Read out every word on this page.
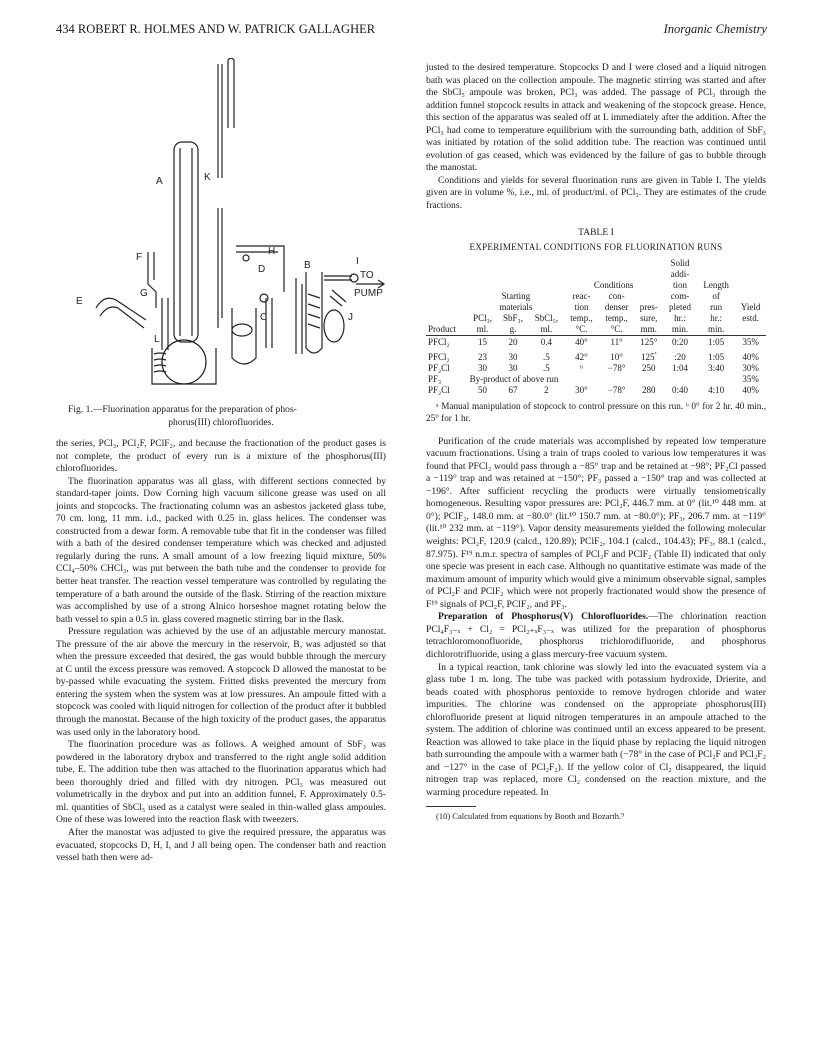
434 ROBERT R. HOLMES AND W. PATRICK GALLAGHER	Inorganic Chemistry
A
B
C
D
E
F
G
H
I
J
K
L
TO
PUMP
Fig. 1.—Fluorination apparatus for the preparation of phos-
phorus(III) chlorofluorides.

the series, PCl₃, PCl₂F, PClF₂, and because the fractionation of the product gases is not complete, the product of every run is a mixture of the phosphorus(III) chlorofluorides.

The fluorination apparatus was all glass, with different sections connected by standard-taper joints. Dow Corning high vacuum silicone grease was used on all joints and stopcocks. The fractionating column was an asbestos jacketed glass tube, 70 cm. long, 11 mm. i.d., packed with 0.25 in. glass helices. The condenser was constructed from a dewar form. A removable tube that fit in the condenser was filled with a bath of the desired condenser temperature which was checked and adjusted regularly during the runs. A small amount of a low freezing liquid mixture, 50% CCl₄–50% CHCl₃, was put between the bath tube and the condenser to provide for better heat transfer. The reaction vessel temperature was controlled by regulating the temperature of a bath around the outside of the flask. Stirring of the reaction mixture was accomplished by use of a strong Alnico horseshoe magnet rotating below the bath vessel to spin a 0.5 in. glass covered magnetic stirring bar in the flask.

Pressure regulation was achieved by the use of an adjustable mercury manostat. The pressure of the air above the mercury in the reservoir, B, was adjusted so that when the pressure exceeded that desired, the gas would bubble through the mercury at C until the excess pressure was removed. A stopcock D allowed the manostat to be by-passed while evacuating the system. Fritted disks prevented the mercury from entering the system when the system was at low pressures. An ampoule fitted with a stopcock was cooled with liquid nitrogen for collection of the product after it bubbled through the manostat. Because of the high toxicity of the product gases, the apparatus was used only in the laboratory hood.

The fluorination procedure was as follows. A weighed amount of SbF₃ was powdered in the laboratory drybox and transferred to the right angle solid addition tube, E. The addition tube then was attached to the fluorination apparatus which had been thoroughly dried and filled with dry nitrogen. PCl₃ was measured out volumetrically in the drybox and put into an addition funnel, F. Approximately 0.5-ml. quantities of SbCl₅ used as a catalyst were sealed in thin-walled glass ampoules. One of these was lowered into the reaction flask with tweezers.

After the manostat was adjusted to give the required pressure, the apparatus was evacuated, stopcocks D, H, I, and J all being open. The condenser bath and reaction vessel bath then were ad-

justed to the desired temperature. Stopcocks D and I were closed and a liquid nitrogen bath was placed on the collection ampoule. The magnetic stirring was started and after the SbCl₅ ampoule was broken, PCl₃ was added. The passage of PCl₃ through the addition funnel stopcock results in attack and weakening of the stopcock grease. Hence, this section of the apparatus was sealed off at L immediately after the addition. After the PCl₃ had come to temperature equilibrium with the surrounding bath, addition of SbF₃ was initiated by rotation of the solid addition tube. The reaction was continued until evolution of gas ceased, which was evidenced by the failure of gas to bubble through the manostat.

Conditions and yields for several fluorination runs are given in Table I. The yields given are in volume %, i.e., ml. of product/ml. of PCl₃. They are estimates of the crude fractions.

TABLE I
EXPERIMENTAL CONDITIONS FOR FLUORINATION RUNS
							Solid		
							addi-		
				Conditions			tion	Length	
	Starting			reac-	con-		com-	of	
	materials			tion	denser	pres-	pleted	run	Yield
	PCl₃,	SbF₃,	SbCl₅,	temp.,	temp.,	sure,	hr.:	hr.:	estd.
Product	ml.	g.	ml.	°C.	°C.	mm.	min.	min.	

PFCl₂	15	20	0.4	40°	11°	125°	0:20	1:05	35%
PFCl₂	23	30	.5	42°	10°	$125^ᵃ$	:20	1:05	40%
PF₂Cl	30	30	.5	ᵇ	−78°	250	1:04	3:40	30%
PF₃	By-product of above run								35%
PF₂Cl	50	67	2	30°	−78°	280	0:40	4:10	40%
ᵃ Manual manipulation of stopcock to control pressure on this run. ᵇ 0° for 2 hr. 40 min., 25° for 1 hr.

Purification of the crude materials was accomplished by repeated low temperature vacuum fractionations. Using a train of traps cooled to various low temperatures it was found that PFCl₂ would pass through a −85° trap and be retained at −98°; PF₂Cl passed a −119° trap and was retained at −150°; PF₃ passed a −150° trap and was collected at −196°. After sufficient recycling the products were virtually tensiometrically homogeneous. Resulting vapor pressures are: PCl₂F, 446.7 mm. at 0° (lit.¹⁰ 448 mm. at 0°); PClF₂, 148.0 mm. at −80.0° (lit.¹⁰ 150.7 mm. at −80.0°); PF₃, 206.7 mm. at −119° (lit.¹⁰ 232 mm. at −119°). Vapor density measurements yielded the following molecular weights: PCl₂F, 120.9 (calcd., 120.89); PClF₂, 104.1 (calcd., 104.43); PF₃, 88.1 (calcd., 87.975). F¹⁹ n.m.r. spectra of samples of PCl₂F and PClF₂ (Table II) indicated that only one specie was present in each case. Although no quantitative estimate was made of the maximum amount of impurity which would give a minimum observable signal, samples of PCl₂F and PClF₂ which were not properly fractionated would show the presence of F¹⁹ signals of PCl₂F, PClF₂, and PF₃.

Preparation of Phosphorus(V) Chlorofluorides.—The chlorination reaction PCl₄F₃₋ₓ + Cl₂ = PCl₂₊ₓF₃₋ₓ was utilized for the preparation of phosphorus tetrachloromonofluoride, phosphorus trichlorodifluoride, and phosphorus dichlorotrifluoride, using a glass mercury-free vacuum system.

In a typical reaction, tank chlorine was slowly led into the evacuated system via a glass tube 1 m. long. The tube was packed with potassium hydroxide, Drierite, and beads coated with phosphorus pentoxide to remove hydrogen chloride and water impurities. The chlorine was condensed on the appropriate phosphorus(III) chlorofluoride present at liquid nitrogen temperatures in an ampoule attached to the system. The addition of chlorine was continued until an excess appeared to be present. Reaction was allowed to take place in the liquid phase by replacing the liquid nitrogen bath surrounding the ampoule with a warmer bath (−78° in the case of PCl₂F and PCl₂F₂ and −127° in the case of PCl₂F₂). If the yellow color of Cl₂ disappeared, the liquid nitrogen trap was replaced, more Cl₂ condensed on the reaction mixture, and the warming procedure repeated. In

(10) Calculated from equations by Booth and Bozarth.⁹
